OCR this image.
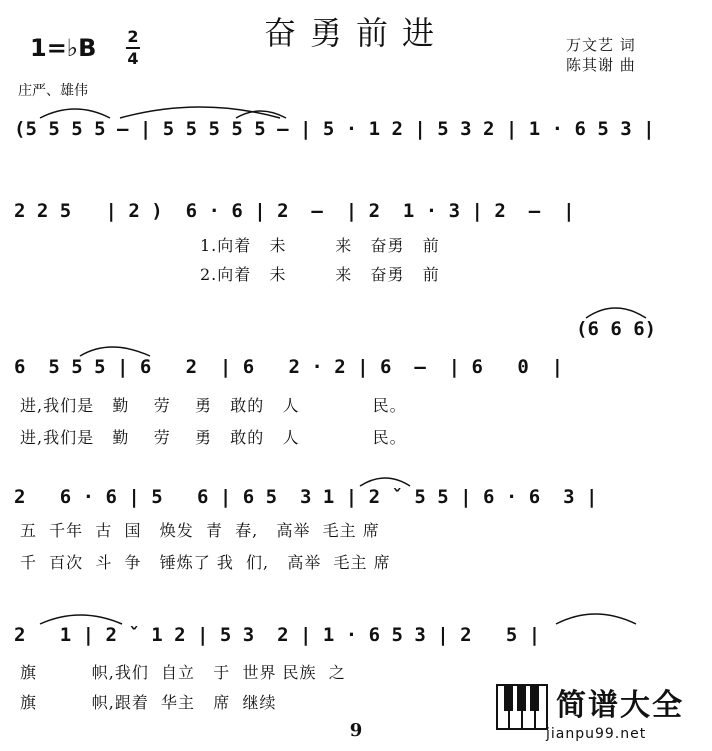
奋勇前进
1=♭B 2
4
万文艺 词
陈其谢 曲
庄严、雄伟
(5 5 5 5 — | 5 5 5 5 5 — | 5 · 1 2 | 5 3 2 | 1 · 6 5 3 |
2 2 5   | 2 )  6 · 6 | 2  —  | 2  1 · 3 | 2  —  |
1.向着   未        来   奋勇   前
2.向着   未        来   奋勇   前
(6 6 6)
6  5 5 5 | 6   2  | 6   2 · 2 | 6  —  | 6   0  |
进,我们是   勤    劳    勇   敢的   人            民。
进,我们是   勤    劳    勇   敢的   人            民。
2   6 · 6 | 5   6 | 6 5  3 1 | 2 ˇ 5 5 | 6 · 6  3 |
五  千年  古  国   焕发  青  春,   高举  毛主 席
千  百次  斗  争   锤炼了 我  们,   高举  毛主 席
2   1 | 2 ˇ 1 2 | 5 3  2 | 1 · 6 5 3 | 2   5 |
旗         帜,我们  自立   于  世界 民族  之
旗         帜,跟着  华主   席  继续
9
简谱大全
jianpu99.net
